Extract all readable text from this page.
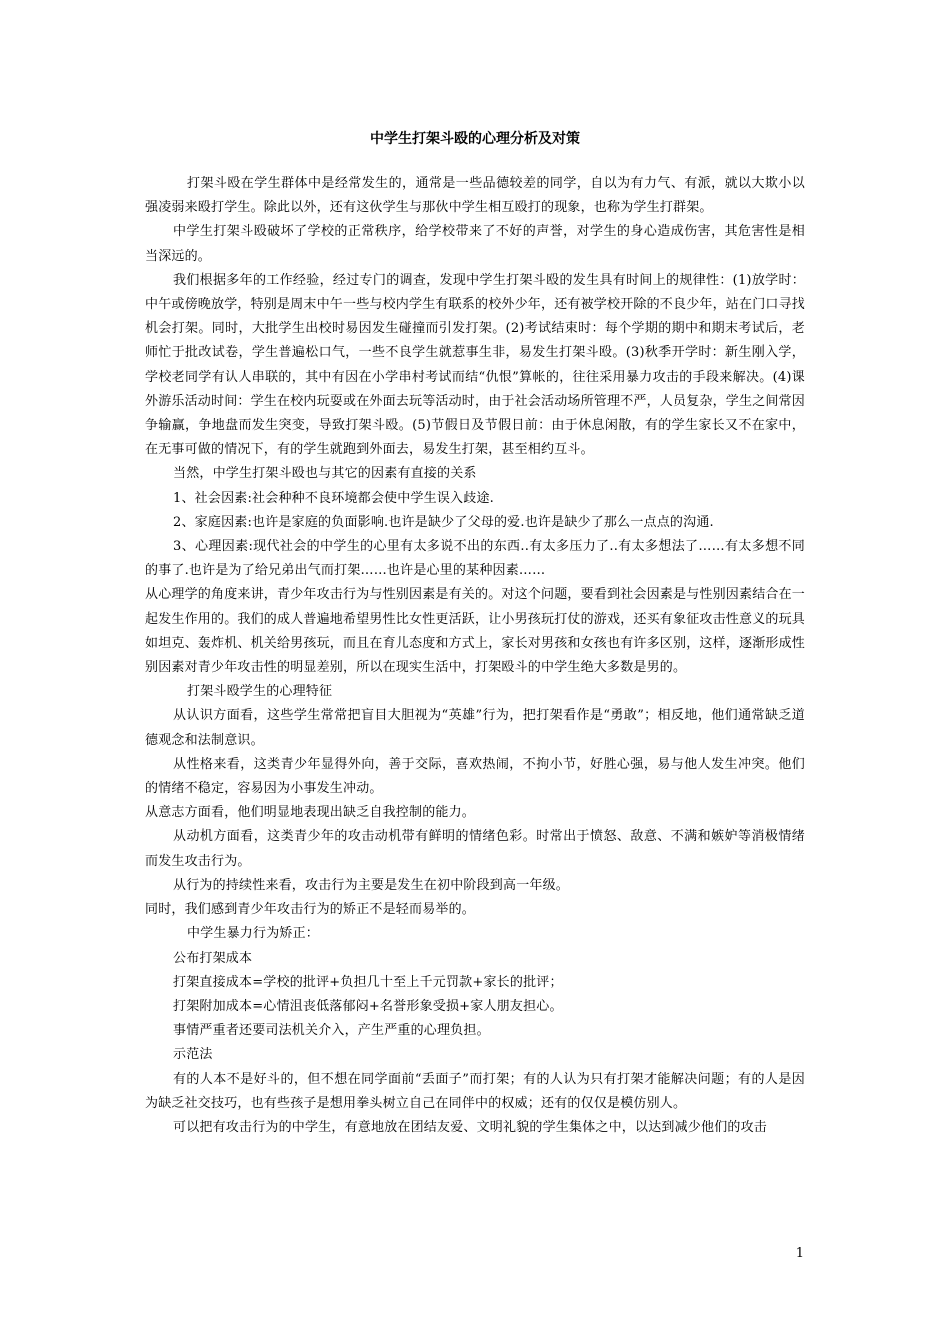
中学生打架斗殴的心理分析及对策

打架斗殴在学生群体中是经常发生的，通常是一些品德较差的同学，自以为有力气、有派，就以大欺小以强凌弱来殴打学生。除此以外，还有这伙学生与那伙中学生相互殴打的现象，也称为学生打群架。

中学生打架斗殴破坏了学校的正常秩序，给学校带来了不好的声誉，对学生的身心造成伤害，其危害性是相当深远的。

我们根据多年的工作经验，经过专门的调查，发现中学生打架斗殴的发生具有时间上的规律性：(1)放学时：中午或傍晚放学，特别是周末中午一些与校内学生有联系的校外少年，还有被学校开除的不良少年，站在门口寻找机会打架。同时，大批学生出校时易因发生碰撞而引发打架。(2)考试结束时：每个学期的期中和期末考试后，老师忙于批改试卷，学生普遍松口气，一些不良学生就惹事生非，易发生打架斗殴。(3)秋季开学时：新生刚入学，学校老同学有认人串联的，其中有因在小学串村考试而结“仇恨”算帐的，往往采用暴力攻击的手段来解决。(4)课外游乐活动时间：学生在校内玩耍或在外面去玩等活动时，由于社会活动场所管理不严，人员复杂，学生之间常因争输赢，争地盘而发生突变，导致打架斗殴。(5)节假日及节假日前：由于休息闲散，有的学生家长又不在家中，在无事可做的情况下，有的学生就跑到外面去，易发生打架，甚至相约互斗。

当然，中学生打架斗殴也与其它的因素有直接的关系

1、社会因素:社会种种不良环境都会使中学生误入歧途.

2、家庭因素:也许是家庭的负面影响.也许是缺少了父母的爱.也许是缺少了那么一点点的沟通.

3、心理因素:现代社会的中学生的心里有太多说不出的东西..有太多压力了..有太多想法了……有太多想不同的事了.也许是为了给兄弟出气而打架……也许是心里的某种因素……

从心理学的角度来讲，青少年攻击行为与性别因素是有关的。对这个问题，要看到社会因素是与性别因素结合在一起发生作用的。我们的成人普遍地希望男性比女性更活跃，让小男孩玩打仗的游戏，还买有象征攻击性意义的玩具如坦克、轰炸机、机关给男孩玩，而且在育儿态度和方式上，家长对男孩和女孩也有许多区别，这样，逐渐形成性别因素对青少年攻击性的明显差别，所以在现实生活中，打架殴斗的中学生绝大多数是男的。

打架斗殴学生的心理特征

从认识方面看，这些学生常常把盲目大胆视为“英雄”行为，把打架看作是“勇敢”；相反地，他们通常缺乏道德观念和法制意识。

从性格来看，这类青少年显得外向，善于交际，喜欢热闹，不拘小节，好胜心强，易与他人发生冲突。他们的情绪不稳定，容易因为小事发生冲动。

从意志方面看，他们明显地表现出缺乏自我控制的能力。

从动机方面看，这类青少年的攻击动机带有鲜明的情绪色彩。时常出于愤怒、敌意、不满和嫉妒等消极情绪而发生攻击行为。

从行为的持续性来看，攻击行为主要是发生在初中阶段到高一年级。

同时，我们感到青少年攻击行为的矫正不是轻而易举的。

中学生暴力行为矫正：

公布打架成本

打架直接成本=学校的批评+负担几十至上千元罚款+家长的批评；

打架附加成本=心情沮丧低落郁闷+名誉形象受损+家人朋友担心。

事情严重者还要司法机关介入，产生严重的心理负担。

示范法

有的人本不是好斗的，但不想在同学面前“丢面子”而打架；有的人认为只有打架才能解决问题；有的人是因为缺乏社交技巧，也有些孩子是想用拳头树立自己在同伴中的权威；还有的仅仅是模仿别人。

可以把有攻击行为的中学生，有意地放在团结友爱、文明礼貌的学生集体之中，以达到减少他们的攻击

1
